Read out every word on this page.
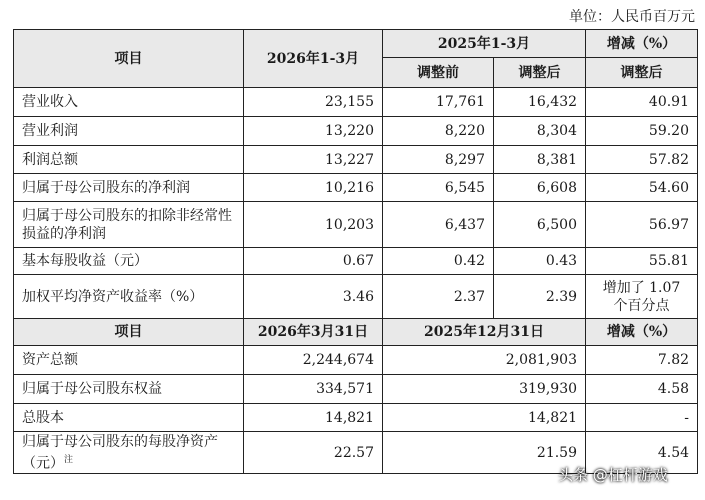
单位：人民币百万元
项目	2026年1-3月	2025年1-3月		增减（%）
		调整前	调整后	调整后
营业收入	23,155	17,761	16,432	40.91
营业利润	13,220	8,220	8,304	59.20
利润总额	13,227	8,297	8,381	57.82
归属于母公司股东的净利润	10,216	6,545	6,608	54.60
归属于母公司股东的扣除非经常性损益的净利润	10,203	6,437	6,500	56.97
基本每股收益（元）	0.67	0.42	0.43	55.81
加权平均净资产收益率（%）	3.46	2.37	2.39	增加了 1.07 个百分点
项目	2026年3月31日	2025年12月31日		增减（%）
资产总额	2,244,674	2,081,903		7.82
归属于母公司股东权益	334,571	319,930		4.58
总股本	14,821	14,821		-
归属于母公司股东的每股净资产（元）$^注$	22.57	21.59		4.54
头条 @杠杆游戏
